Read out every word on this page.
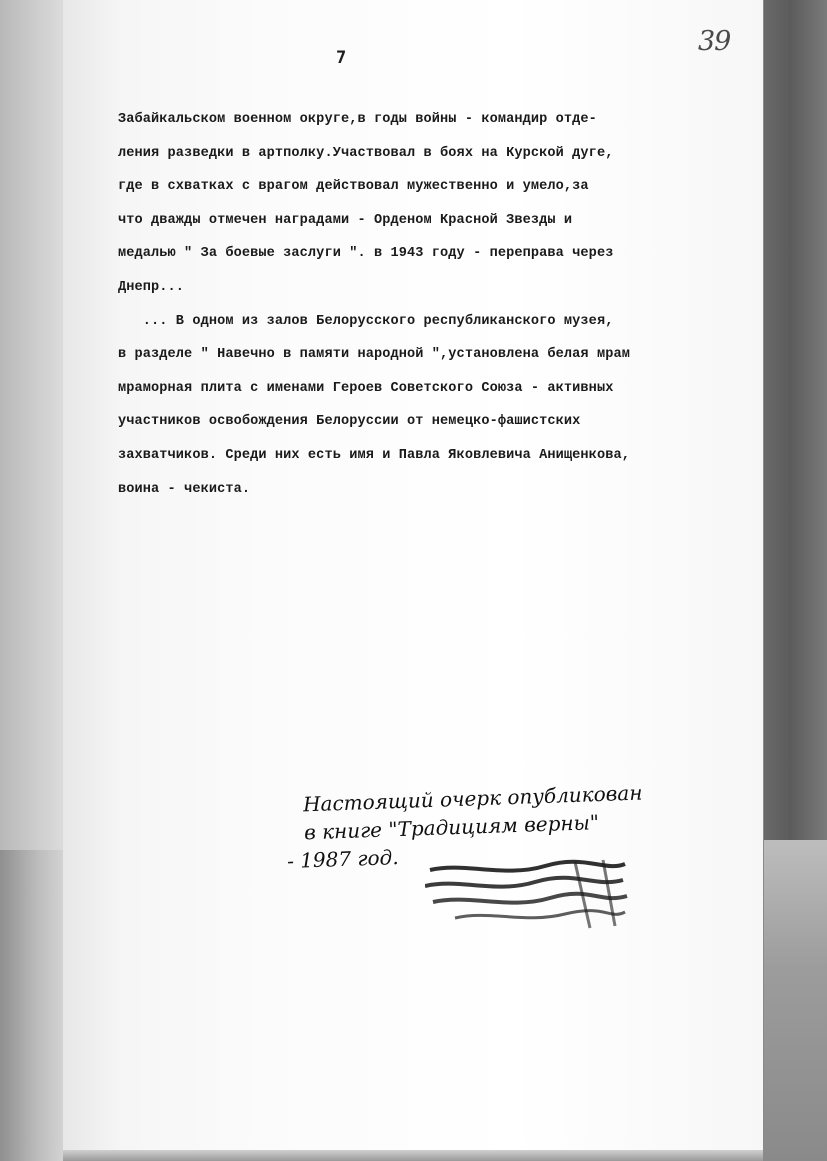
7
39
Забайкальском военном округе,в годы войны - командир отде-
ления разведки в артполку.Участвовал в боях на Курской дуге,
где в схватках с врагом действовал мужественно и умело,за
что дважды отмечен наградами - Орденом Красной Звезды и
медалью " За боевые заслуги ". в 1943 году - переправа через
Днепр...
... В одном из залов Белорусского республиканского музея,
в разделе " Навечно в памяти народной ",установлена белая мрам
мраморная плита с именами Героев Советского Союза - активных
участников освобождения Белоруссии от немецко-фашистских
захватчиков. Среди них есть имя и Павла Яковлевича Анищенкова,
воина - чекиста.
Настоящий очерк опубликован
в книге "Традициям верны"
- 1987 год.
